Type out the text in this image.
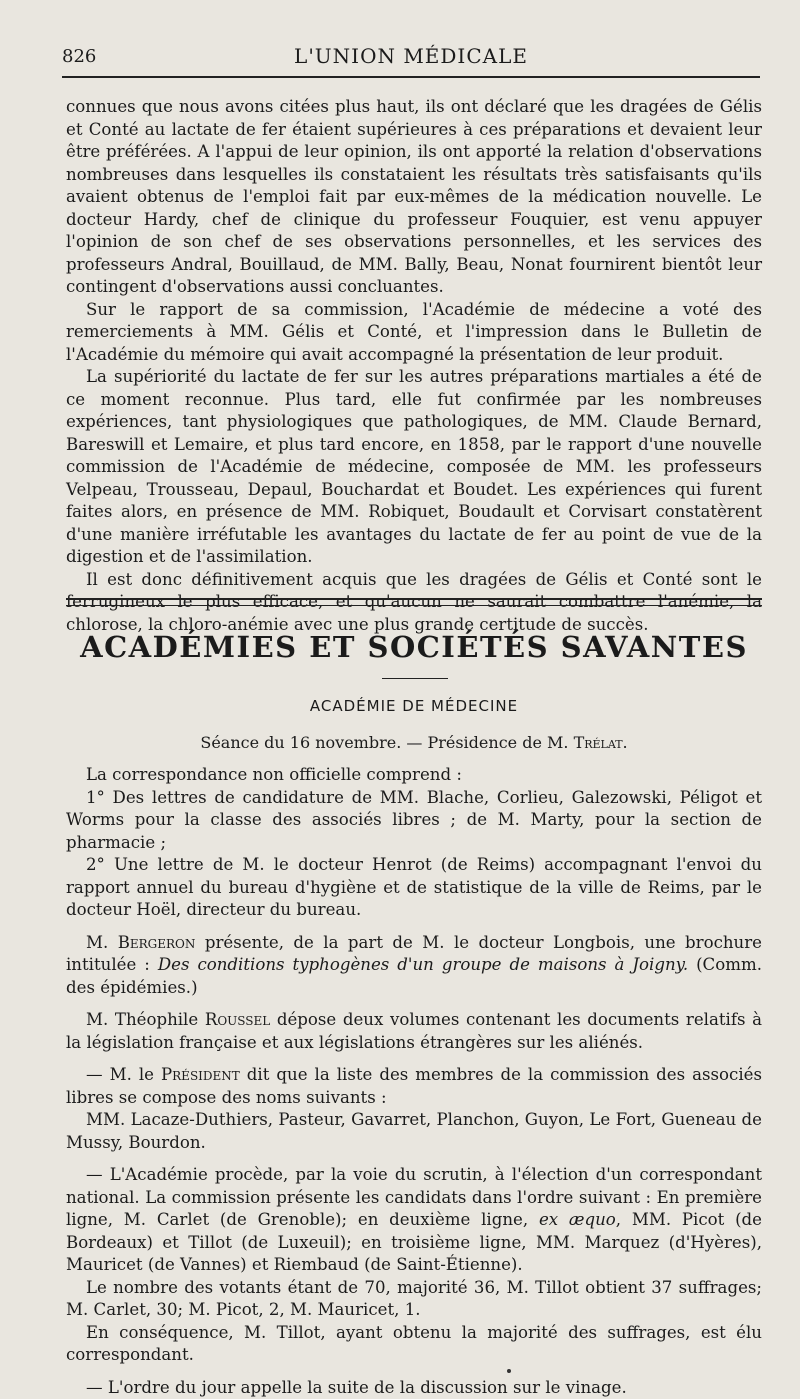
826	L'UNION MÉDICALE

connues que nous avons citées plus haut, ils ont déclaré que les dragées de Gélis et Conté au lactate de fer étaient supérieures à ces préparations et devaient leur être préférées. A l'appui de leur opinion, ils ont apporté la relation d'observations nombreuses dans lesquelles ils constataient les résultats très satisfaisants qu'ils avaient obtenus de l'emploi fait par eux-mêmes de la médication nouvelle. Le docteur Hardy, chef de clinique du professeur Fouquier, est venu appuyer l'opinion de son chef de ses observations personnelles, et les services des professeurs Andral, Bouillaud, de MM. Bally, Beau, Nonat fournirent bientôt leur contingent d'observations aussi concluantes.

Sur le rapport de sa commission, l'Académie de médecine a voté des remerciements à MM. Gélis et Conté, et l'impression dans le Bulletin de l'Académie du mémoire qui avait accompagné la présentation de leur produit.

La supériorité du lactate de fer sur les autres préparations martiales a été de ce moment reconnue. Plus tard, elle fut confirmée par les nombreuses expériences, tant physiologiques que pathologiques, de MM. Claude Bernard, Bareswill et Lemaire, et plus tard encore, en 1858, par le rapport d'une nouvelle commission de l'Académie de médecine, composée de MM. les professeurs Velpeau, Trousseau, Depaul, Bouchardat et Boudet. Les expériences qui furent faites alors, en présence de MM. Robiquet, Boudault et Corvisart constatèrent d'une manière irréfutable les avantages du lactate de fer au point de vue de la digestion et de l'assimilation.

Il est donc définitivement acquis que les dragées de Gélis et Conté sont le ferrugineux le plus efficace, et qu'aucun ne saurait combattre l'anémie, la chlorose, la chloro-anémie avec une plus grande certitude de succès.

ACADÉMIES ET SOCIÉTÉS SAVANTES
ACADÉMIE DE MÉDECINE
Séance du 16 novembre. — Présidence de M. Trélat.

La correspondance non officielle comprend :

1° Des lettres de candidature de MM. Blache, Corlieu, Galezowski, Péligot et Worms pour la classe des associés libres ; de M. Marty, pour la section de pharmacie ;

2° Une lettre de M. le docteur Henrot (de Reims) accompagnant l'envoi du rapport annuel du bureau d'hygiène et de statistique de la ville de Reims, par le docteur Hoël, directeur du bureau.

M. Bergeron présente, de la part de M. le docteur Longbois, une brochure intitulée : Des conditions typhogènes d'un groupe de maisons à Joigny. (Comm. des épidémies.)

M. Théophile Roussel dépose deux volumes contenant les documents relatifs à la législation française et aux législations étrangères sur les aliénés.

— M. le Président dit que la liste des membres de la commission des associés libres se compose des noms suivants :

MM. Lacaze-Duthiers, Pasteur, Gavarret, Planchon, Guyon, Le Fort, Gueneau de Mussy, Bourdon.

— L'Académie procède, par la voie du scrutin, à l'élection d'un correspondant national. La commission présente les candidats dans l'ordre suivant : En première ligne, M. Carlet (de Grenoble); en deuxième ligne, ex æquo, MM. Picot (de Bordeaux) et Tillot (de Luxeuil); en troisième ligne, MM. Marquez (d'Hyères), Mauricet (de Vannes) et Riembaud (de Saint-Étienne).

Le nombre des votants étant de 70, majorité 36, M. Tillot obtient 37 suffrages; M. Carlet, 30; M. Picot, 2, M. Mauricet, 1.

En conséquence, M. Tillot, ayant obtenu la majorité des suffrages, est élu correspondant.

— L'ordre du jour appelle la suite de la discussion sur le vinage.
